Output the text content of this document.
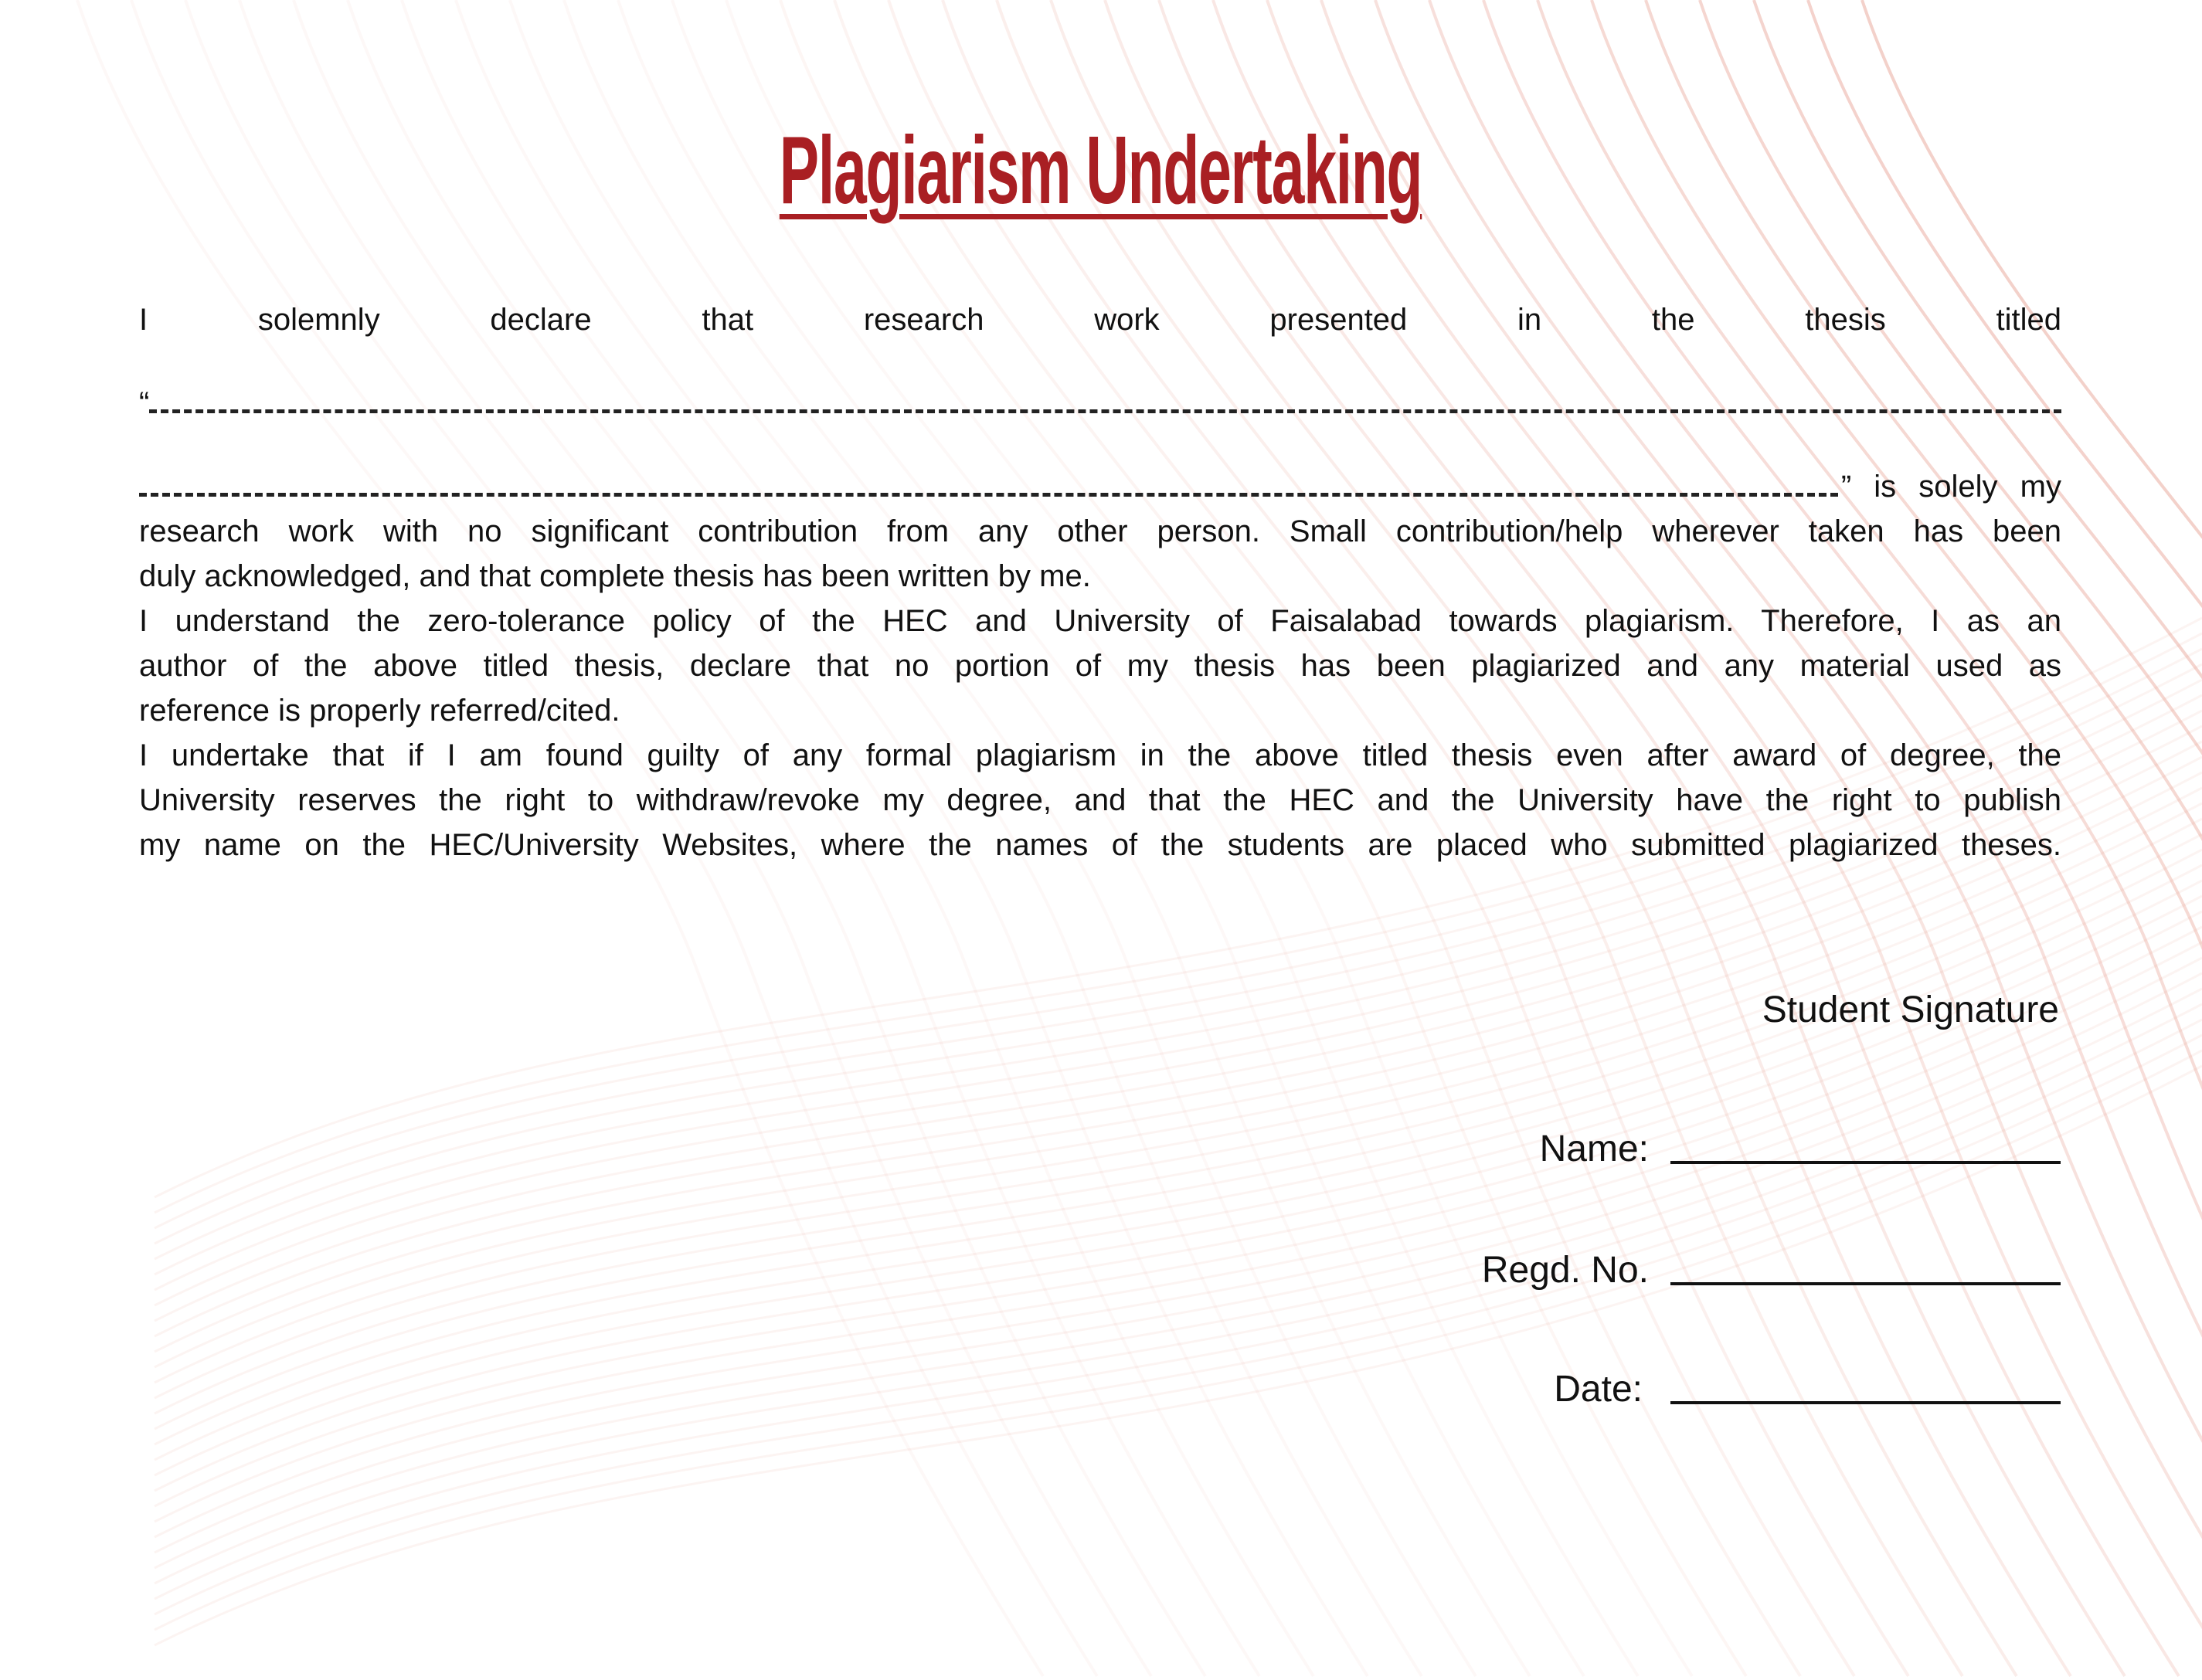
Plagiarism Undertaking
I solemnly declare that research work presented in the thesis titled
“
” is solely my
research work with no significant contribution from any other person. Small contribution/help wherever taken has been
duly acknowledged, and that complete thesis has been written by me.
I understand the zero-tolerance policy of the HEC and University of Faisalabad towards plagiarism. Therefore, I as an
author of the above titled thesis, declare that no portion of my thesis has been plagiarized and any material used as
reference is properly referred/cited.
I undertake that if I am found guilty of any formal plagiarism in the above titled thesis even after award of degree, the
University reserves the right to withdraw/revoke my degree, and that the HEC and the University have the right to publish
my name on the HEC/University Websites, where the names of the students are placed who submitted plagiarized theses.
Student Signature
Name:
Regd. No.
Date:
